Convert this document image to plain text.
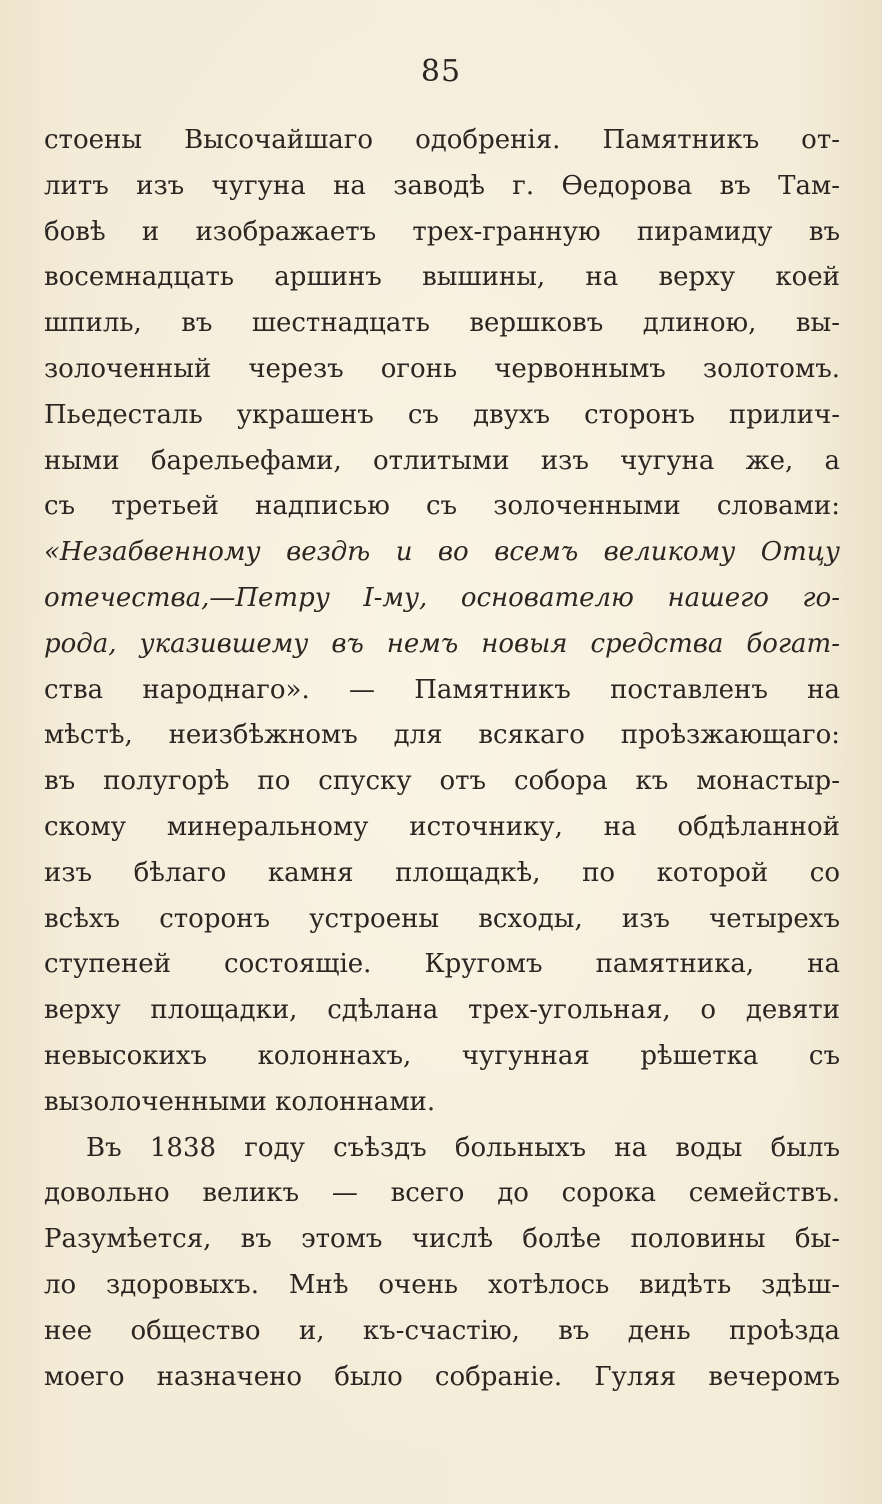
85
стоены Высочайшаго одобренія. Памятникъ от-
литъ изъ чугуна на заводѣ г. Өедорова въ Там-
бовѣ и изображаетъ трех-гранную пирамиду въ
восемнадцать аршинъ вышины, на верху коей
шпиль, въ шестнадцать вершковъ длиною, вы-
золоченный черезъ огонь червоннымъ золотомъ.
Пьедесталь украшенъ съ двухъ сторонъ прилич-
ными барельефами, отлитыми изъ чугуна же, а
съ третьей надписью съ золоченными словами:
«Незабвенному вездѣ и во всемъ великому Отцу
отечества,—Петру I-му, основателю нашего го-
рода, указившему въ немъ новыя средства богат-
ства народнаго». — Памятникъ поставленъ на
мѣстѣ, неизбѣжномъ для всякаго проѣзжающаго:
въ полугорѣ по спуску отъ собора къ монастыр-
скому минеральному источнику, на обдѣланной
изъ бѣлаго камня площадкѣ, по которой со
всѣхъ сторонъ устроены всходы, изъ четырехъ
ступеней состоящіе. Кругомъ памятника, на
верху площадки, сдѣлана трех-угольная, о девяти
невысокихъ колоннахъ, чугунная рѣшетка съ
вызолоченными колоннами.
Въ 1838 году съѣздъ больныхъ на воды былъ
довольно великъ — всего до сорока семействъ.
Разумѣется, въ этомъ числѣ болѣе половины бы-
ло здоровыхъ. Мнѣ очень хотѣлось видѣть здѣш-
нее общество и, къ-счастію, въ день проѣзда
моего назначено было собраніе. Гуляя вечеромъ
